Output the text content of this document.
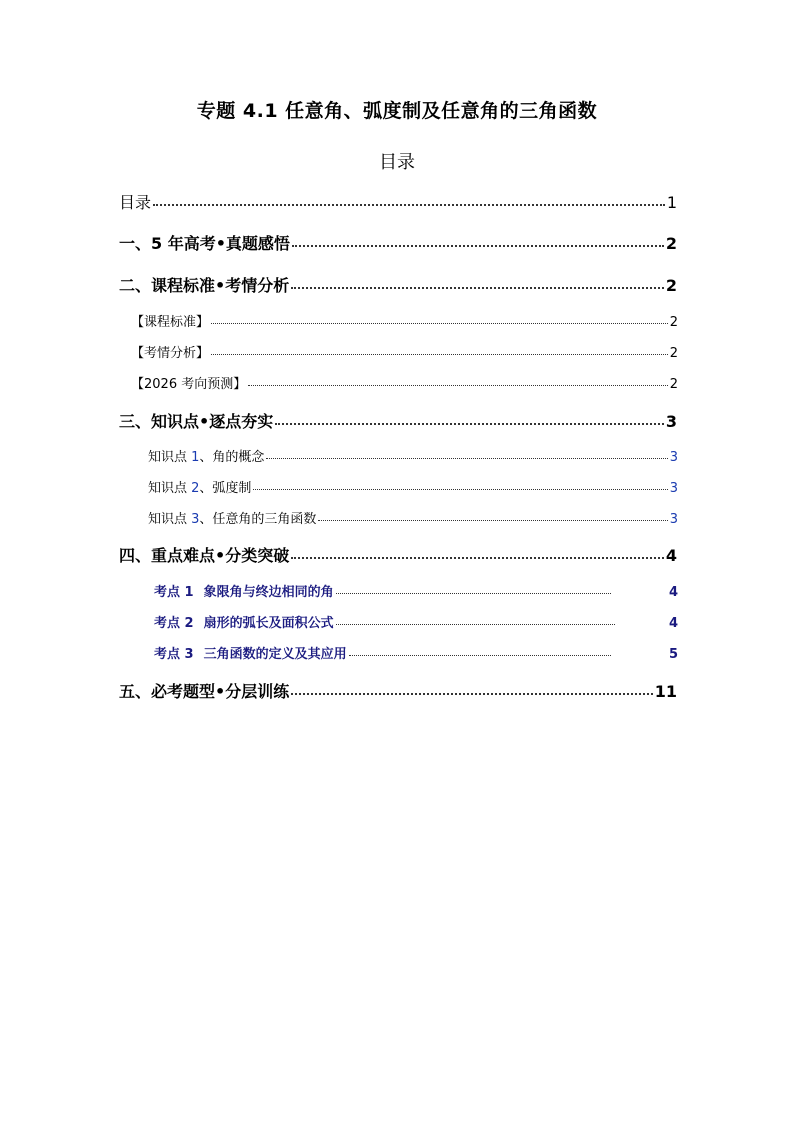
专题 4.1 任意角、弧度制及任意角的三角函数
目录
目录	1
一、5 年高考•真题感悟	2
二、课程标准•考情分析	2
【课程标准】	2
【考情分析】	2
【2026 考向预测】	2
三、知识点•逐点夯实	3
知识点 1、角的概念	3
知识点 2、弧度制	3
知识点 3、任意角的三角函数	3
四、重点难点•分类突破	4
考点 1 象限角与终边相同的角	4
考点 2 扇形的弧长及面积公式	4
考点 3 三角函数的定义及其应用	5
五、必考题型•分层训练	11
